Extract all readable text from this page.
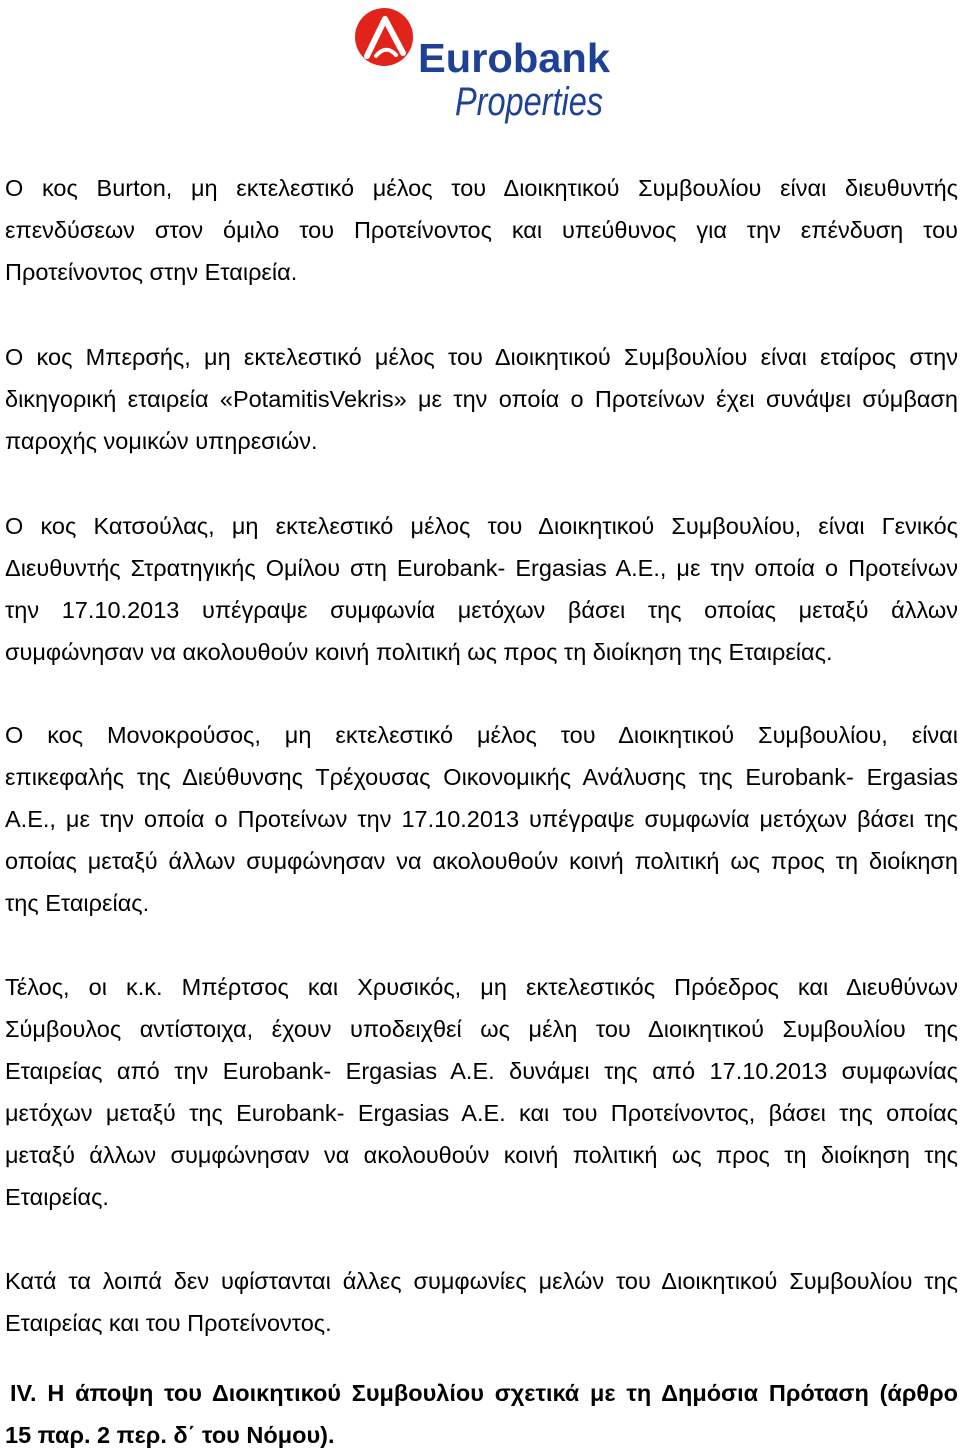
Eurobank
Properties
Ο κος Burton, μη εκτελεστικό μέλος του Διοικητικού Συμβουλίου είναι διευθυντής
επενδύσεων στον όμιλο του Προτείνοντος και υπεύθυνος για την επένδυση του
Προτείνοντος στην Εταιρεία.
Ο κος Μπερσής, μη εκτελεστικό μέλος του Διοικητικού Συμβουλίου είναι εταίρος στην
δικηγορική εταιρεία «PotamitisVekris» με την οποία ο Προτείνων έχει συνάψει σύμβαση
παροχής νομικών υπηρεσιών.
Ο κος Κατσούλας, μη εκτελεστικό μέλος του Διοικητικού Συμβουλίου, είναι Γενικός
Διευθυντής Στρατηγικής Ομίλου στη Eurobank- Ergasias A.E., με την οποία ο Προτείνων
την 17.10.2013 υπέγραψε συμφωνία μετόχων βάσει της οποίας μεταξύ άλλων
συμφώνησαν να ακολουθούν κοινή πολιτική ως προς τη διοίκηση της Εταιρείας.
Ο κος Μονοκρούσος, μη εκτελεστικό μέλος του Διοικητικού Συμβουλίου, είναι
επικεφαλής της Διεύθυνσης Τρέχουσας Οικονομικής Ανάλυσης της Eurobank- Ergasias
A.E., με την οποία ο Προτείνων την 17.10.2013 υπέγραψε συμφωνία μετόχων βάσει της
οποίας μεταξύ άλλων συμφώνησαν να ακολουθούν κοινή πολιτική ως προς τη διοίκηση
της Εταιρείας.
Τέλος, οι κ.κ. Μπέρτσος και Χρυσικός, μη εκτελεστικός Πρόεδρος και Διευθύνων
Σύμβουλος αντίστοιχα, έχουν υποδειχθεί ως μέλη του Διοικητικού Συμβουλίου της
Εταιρείας από την Eurobank- Ergasias A.E. δυνάμει της από 17.10.2013 συμφωνίας
μετόχων μεταξύ της Eurobank- Ergasias A.E. και του Προτείνοντος, βάσει της οποίας
μεταξύ άλλων συμφώνησαν να ακολουθούν κοινή πολιτική ως προς τη διοίκηση της
Εταιρείας.
Κατά τα λοιπά δεν υφίστανται άλλες συμφωνίες μελών του Διοικητικού Συμβουλίου της
Εταιρείας και του Προτείνοντος.
IV. Η άποψη του Διοικητικού Συμβουλίου σχετικά με τη Δημόσια Πρόταση (άρθρο
15 παρ. 2 περ. δ΄ του Νόμου).
